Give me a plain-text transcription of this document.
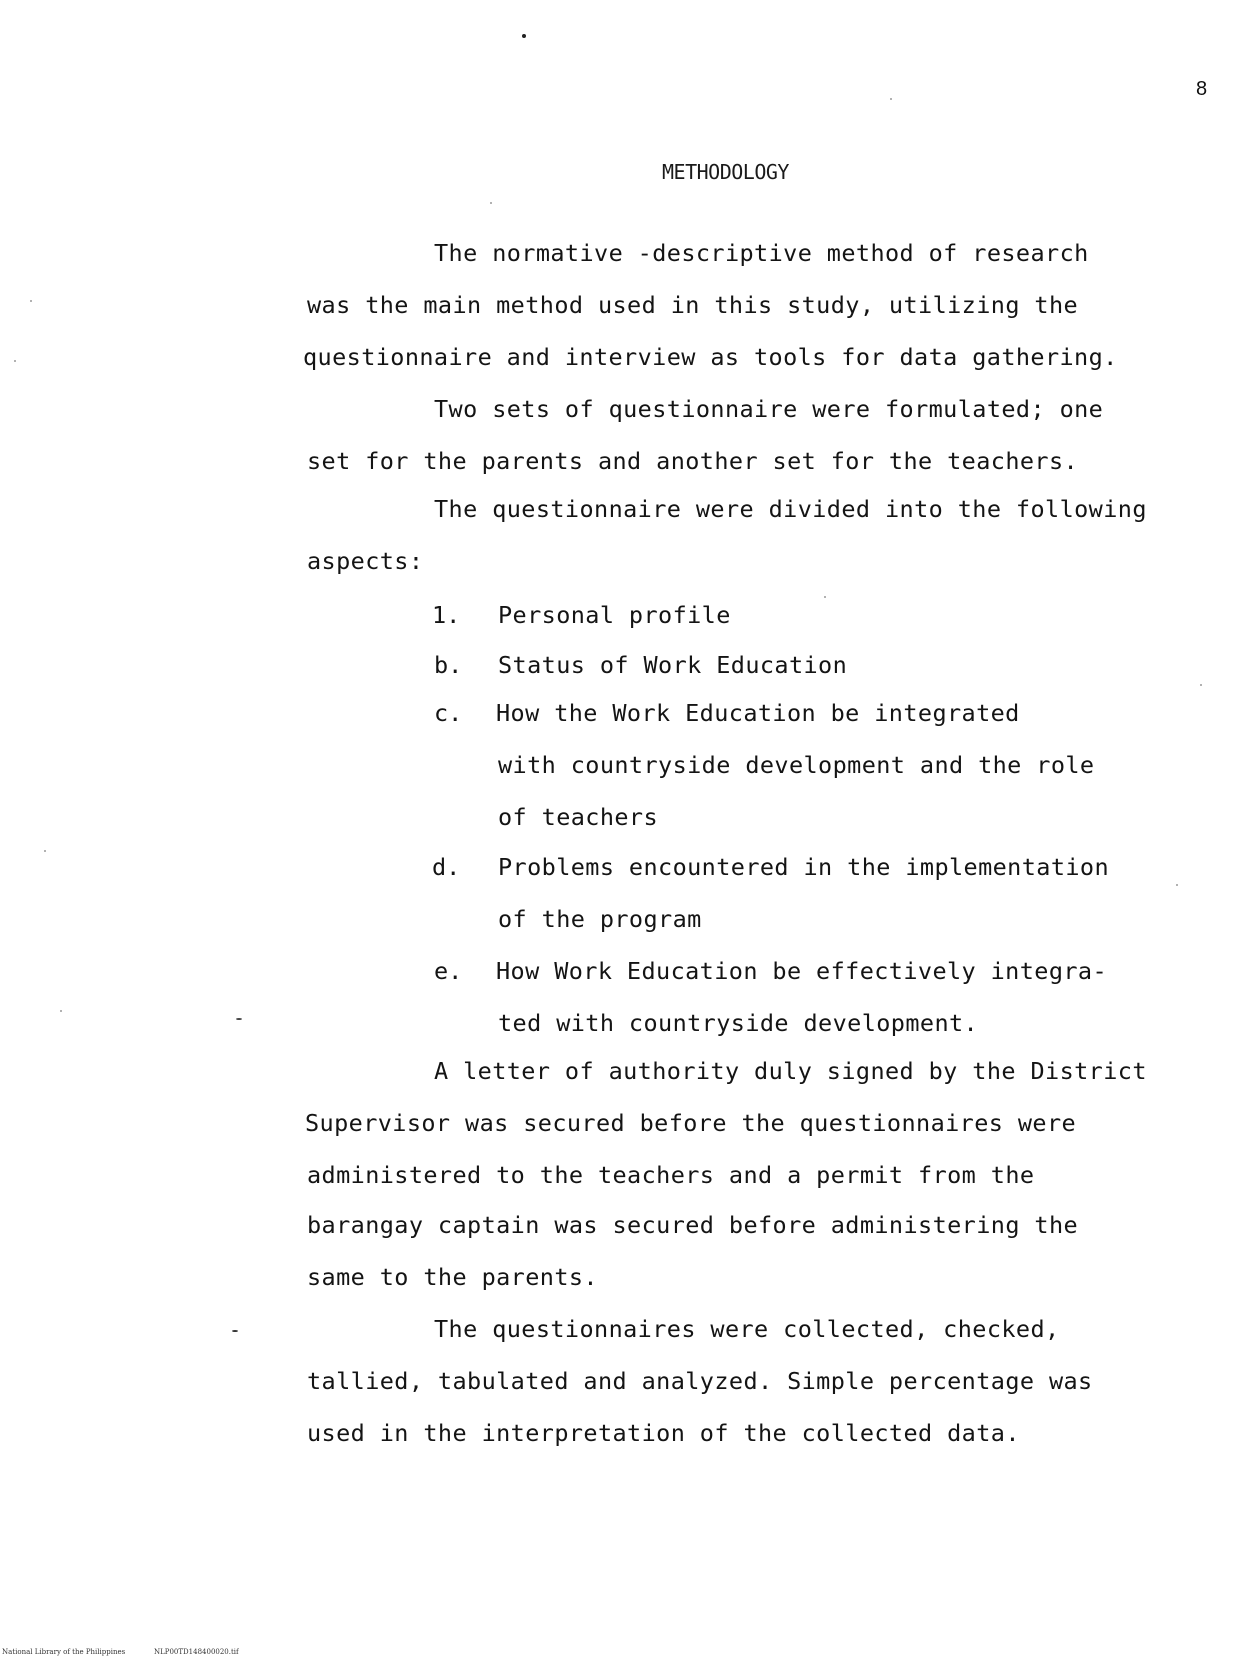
8
METHODOLOGY
The normative -descriptive method of research
was the main method used in this study, utilizing the
questionnaire and interview as tools for data gathering.
Two sets of questionnaire were formulated; one
set for the parents and another set for the teachers.
The questionnaire were divided into the following
aspects:
1. Personal profile
b. Status of Work Education
c. How the Work Education be integrated
with countryside development and the role
of teachers
d. Problems encountered in the implementation
of the program
e. How Work Education be effectively integra-
ted with countryside development.
A letter of authority duly signed by the District
Supervisor was secured before the questionnaires were
administered to the teachers and a permit from the
barangay captain was secured before administering the
same to the parents.
The questionnaires were collected, checked,
tallied, tabulated and analyzed. Simple percentage was
used in the interpretation of the collected data.
National Library of the Philippines	NLP00TD148400020.tif
